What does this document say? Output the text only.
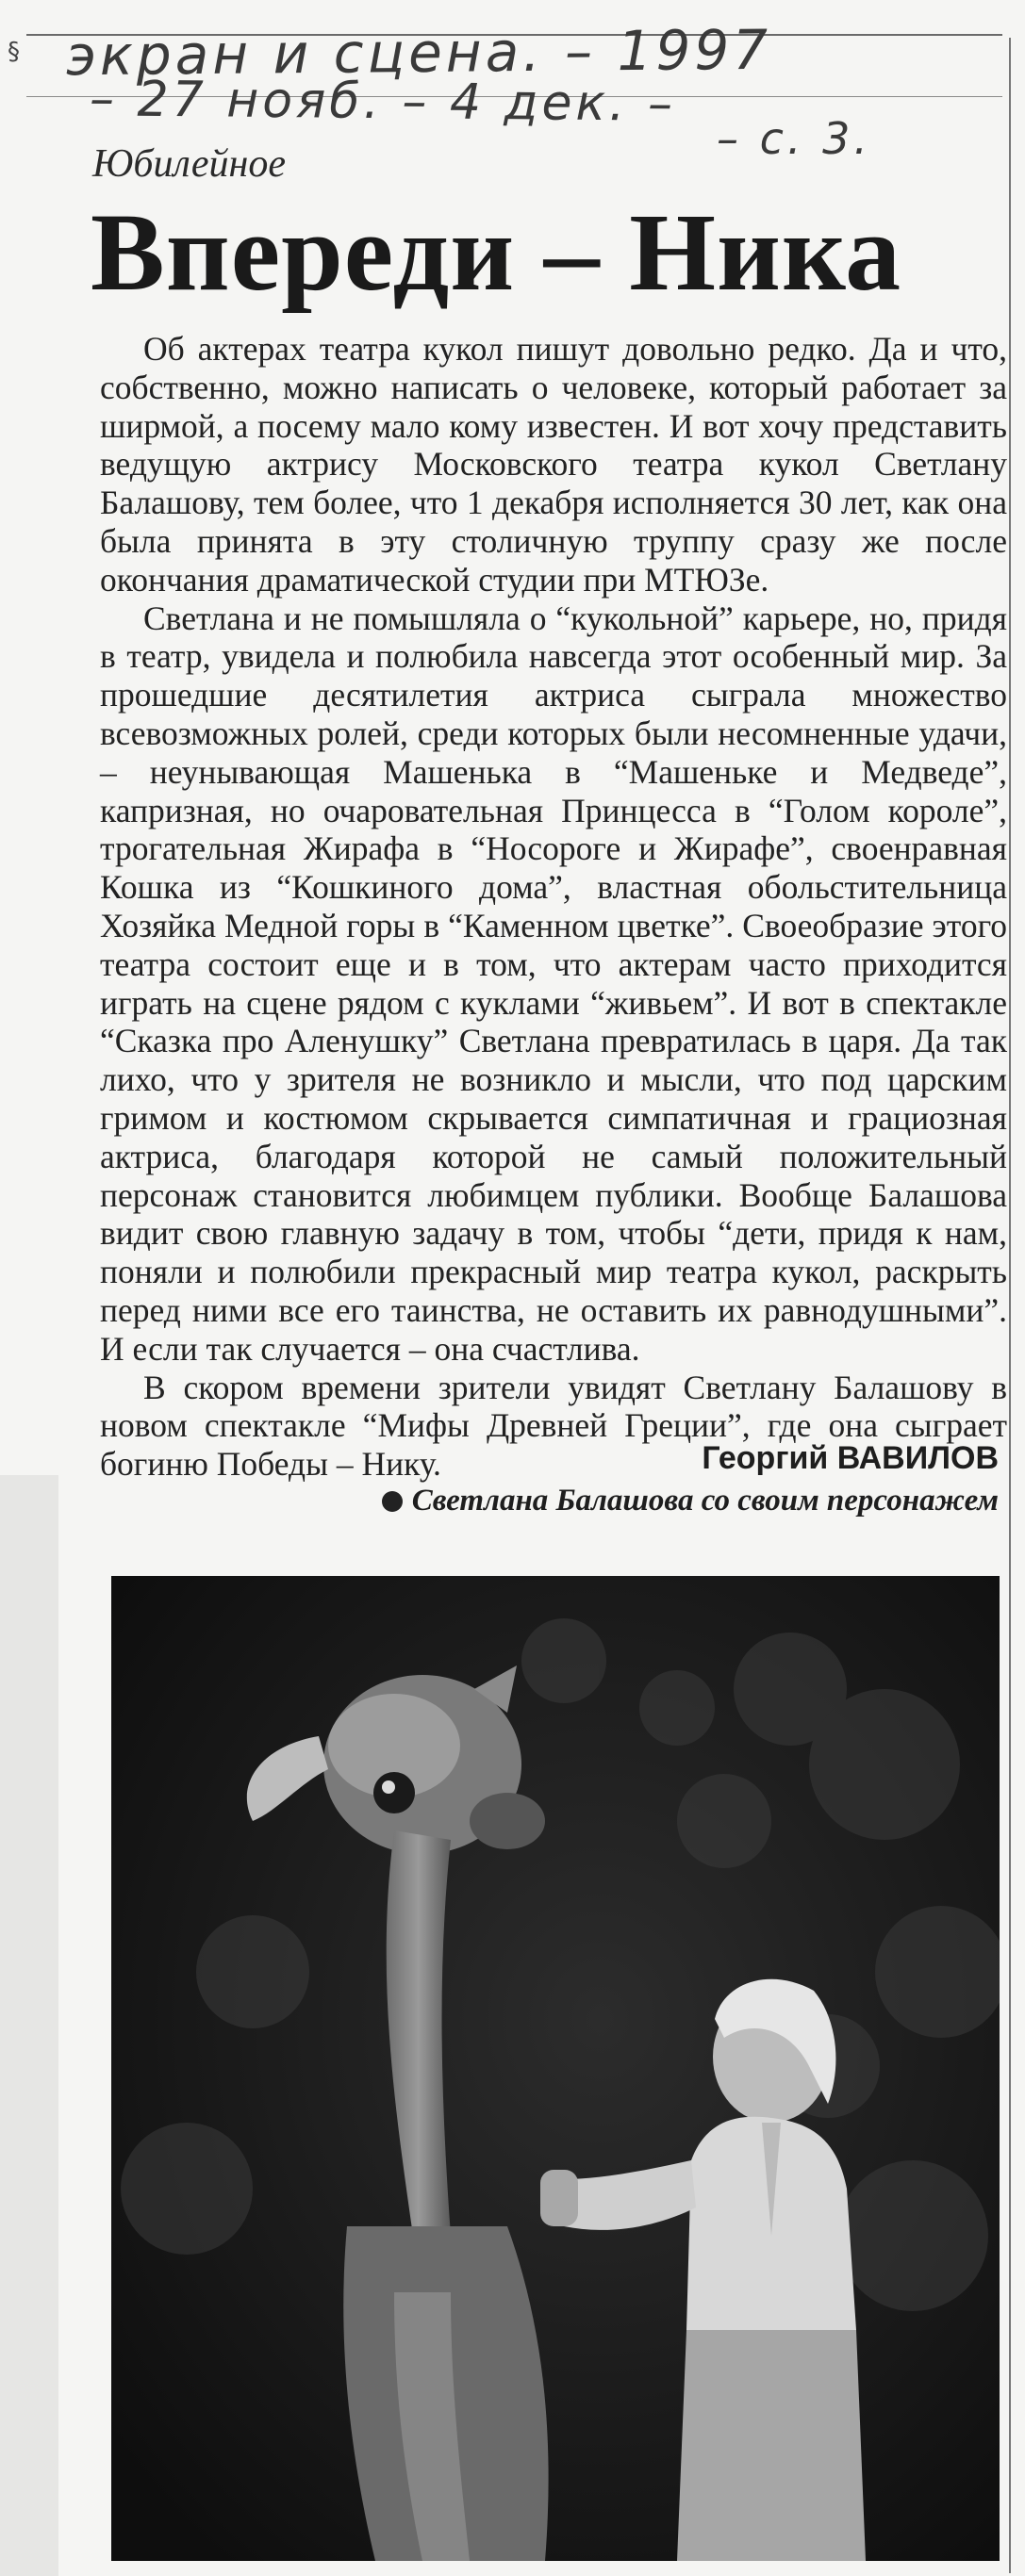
§ экран и сцена. – 1997
– 27 нояб. – 4 дек. –
– с. 3.
Юбилейное
Впереди – Ника

Об актерах театра кукол пишут довольно редко. Да и что, собственно, можно написать о человеке, который работает за ширмой, а посему мало кому известен. И вот хочу представить ведущую актрису Московского театра кукол Светлану Балашову, тем более, что 1 декабря исполняется 30 лет, как она была принята в эту столичную труппу сразу же после окончания драматической студии при МТЮЗе.

Светлана и не помышляла о “кукольной” карьере, но, придя в театр, увидела и полюбила навсегда этот особенный мир. За прошедшие десятилетия актриса сыграла множество всевозможных ролей, среди которых были несомненные удачи, – неунывающая Машенька в “Машеньке и Медведе”, капризная, но очаровательная Принцесса в “Голом короле”, трогательная Жирафа в “Носороге и Жирафе”, своенравная Кошка из “Кошкиного дома”, властная обольстительница Хозяйка Медной горы в “Каменном цветке”. Своеобразие этого театра состоит еще и в том, что актерам часто приходится играть на сцене рядом с куклами “живьем”. И вот в спектакле “Сказка про Аленушку” Светлана превратилась в царя. Да так лихо, что у зрителя не возникло и мысли, что под царским гримом и костюмом скрывается симпатичная и грациозная актриса, благодаря которой не самый положительный персонаж становится любимцем публики. Вообще Балашова видит свою главную задачу в том, чтобы “дети, придя к нам, поняли и полюбили прекрасный мир театра кукол, раскрыть перед ними все его таинства, не оставить их равнодушными”. И если так случается – она счастлива.

В скором времени зрители увидят Светлану Балашову в новом спектакле “Мифы Древней Греции”, где она сыграет богиню Победы – Нику.	Георгий ВАВИЛОВ
Светлана Балашова со своим персонажем
